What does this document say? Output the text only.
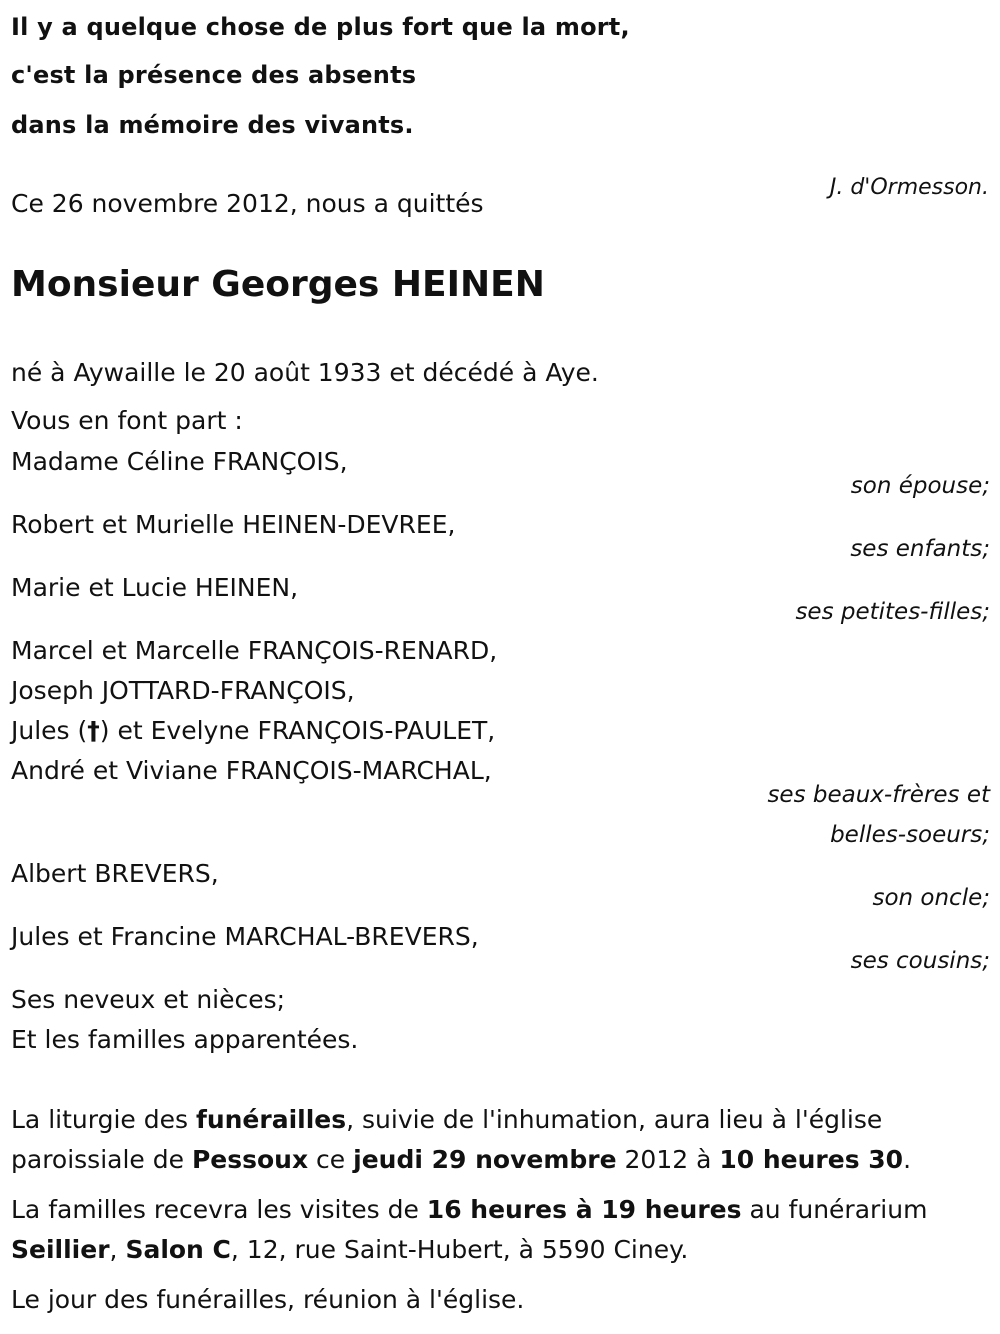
Il y a quelque chose de plus fort que la mort,
c'est la présence des absents
dans la mémoire des vivants.
J. d'Ormesson.
Ce 26 novembre 2012, nous a quittés
Monsieur Georges HEINEN
né à Aywaille le 20 août 1933 et décédé à Aye.
Vous en font part :
Madame Céline FRANÇOIS,
son épouse;
Robert et Murielle HEINEN-DEVREE,
ses enfants;
Marie et Lucie HEINEN,
ses petites-filles;
Marcel et Marcelle FRANÇOIS-RENARD,
Joseph JOTTARD-FRANÇOIS,
Jules (†) et Evelyne FRANÇOIS-PAULET,
André et Viviane FRANÇOIS-MARCHAL,
ses beaux-frères et
belles-soeurs;
Albert BREVERS,
son oncle;
Jules et Francine MARCHAL-BREVERS,
ses cousins;
Ses neveux et nièces;
Et les familles apparentées.
La liturgie des funérailles, suivie de l'inhumation, aura lieu à l'église
paroissiale de Pessoux ce jeudi 29 novembre 2012 à 10 heures 30.
La familles recevra les visites de 16 heures à 19 heures au funérarium
Seillier, Salon C, 12, rue Saint-Hubert, à 5590 Ciney.
Le jour des funérailles, réunion à l'église.
